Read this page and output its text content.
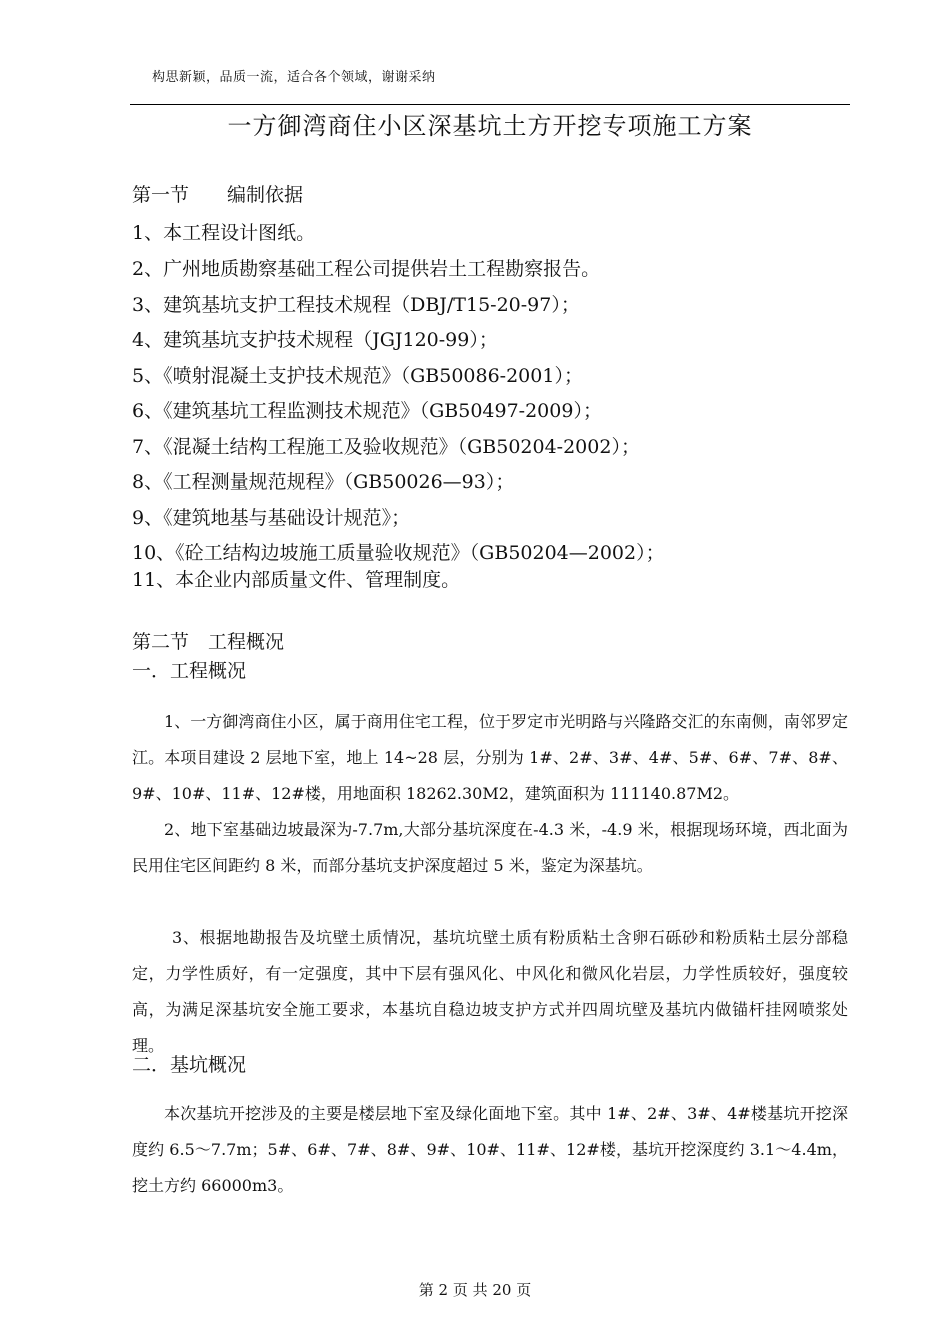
构思新颖，品质一流，适合各个领域，谢谢采纳
一方御湾商住小区深基坑土方开挖专项施工方案
第一节　　编制依据
1、本工程设计图纸。
2、广州地质勘察基础工程公司提供岩土工程勘察报告。
3、建筑基坑支护工程技术规程（DBJ/T15-20-97）；
4、建筑基坑支护技术规程（JGJ120-99）；
5、《喷射混凝土支护技术规范》（GB50086-2001）；
6、《建筑基坑工程监测技术规范》（GB50497-2009）；
7、《混凝土结构工程施工及验收规范》（GB50204-2002）；
8、《工程测量规范规程》（GB50026—93）；
9、《建筑地基与基础设计规范》；
10、《砼工结构边坡施工质量验收规范》（GB50204—2002）；
11、本企业内部质量文件、管理制度。
第二节　工程概况
一．工程概况
1、一方御湾商住小区，属于商用住宅工程，位于罗定市光明路与兴隆路交汇的东南侧，南邻罗定江。本项目建设 2 层地下室，地上 14~28 层，分别为 1#、2#、3#、4#、5#、6#、7#、8#、9#、10#、11#、12#楼，用地面积 18262.30M2，建筑面积为 111140.87M2。
2、地下室基础边坡最深为-7.7m,大部分基坑深度在-4.3 米，-4.9 米，根据现场环境，西北面为民用住宅区间距约 8 米，而部分基坑支护深度超过 5 米，鉴定为深基坑。
3、根据地勘报告及坑壁土质情况，基坑坑壁土质有粉质粘土含卵石砾砂和粉质粘土层分部稳定，力学性质好，有一定强度，其中下层有强风化、中风化和微风化岩层，力学性质较好，强度较高，为满足深基坑安全施工要求，本基坑自稳边坡支护方式并四周坑壁及基坑内做锚杆挂网喷浆处理。
二．基坑概况
本次基坑开挖涉及的主要是楼层地下室及绿化面地下室。其中 1#、2#、3#、4#楼基坑开挖深度约 6.5～7.7m；5#、6#、7#、8#、9#、10#、11#、12#楼，基坑开挖深度约 3.1～4.4m，挖土方约 66000m3。
第 2 页 共 20 页
